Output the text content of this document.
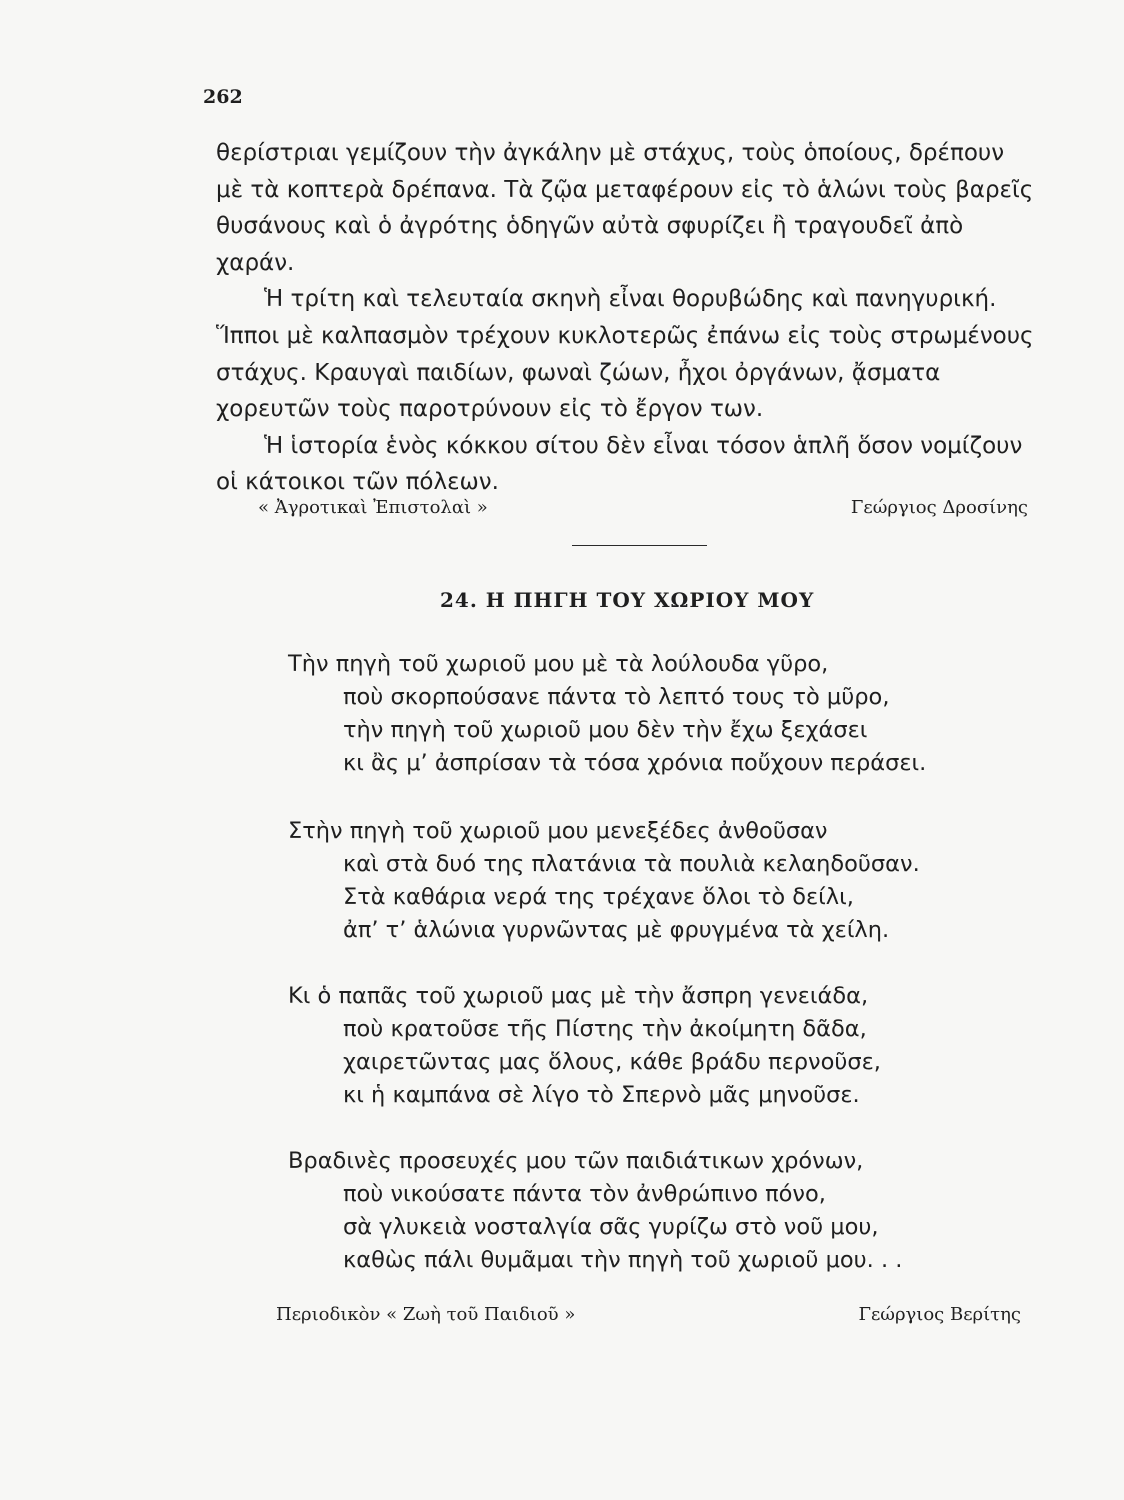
262

θερίστριαι γεμίζουν τὴν ἀγκάλην μὲ στάχυς, τοὺς ὁποίους, δρέπουν μὲ τὰ κοπτερὰ δρέπανα. Τὰ ζῷα μεταφέρουν εἰς τὸ ἁλώνι τοὺς βαρεῖς θυσάνους καὶ ὁ ἀγρότης ὁδηγῶν αὐτὰ σφυρίζει ἢ τραγουδεῖ ἀπὸ χαράν.

Ἡ τρίτη καὶ τελευταία σκηνὴ εἶναι θορυβώδης καὶ πανηγυρική. Ἵπποι μὲ καλπασμὸν τρέχουν κυκλοτερῶς ἐπάνω εἰς τοὺς στρωμένους στάχυς. Κραυγαὶ παιδίων, φωναὶ ζώων, ἦχοι ὀργάνων, ᾄσματα χορευτῶν τοὺς παροτρύνουν εἰς τὸ ἔργον των.

Ἡ ἱστορία ἑνὸς κόκκου σίτου δὲν εἶναι τόσον ἁπλῆ ὅσον νομίζουν οἱ κάτοικοι τῶν πόλεων.

« Ἀγροτικαὶ Ἐπιστολαὶ »	Γεώργιος Δροσίνης
24. Η ΠΗΓΗ ΤΟΥ ΧΩΡΙΟΥ ΜΟΥ
Τὴν πηγὴ τοῦ χωριοῦ μου μὲ τὰ λούλουδα γῦρο,
ποὺ σκορπούσανε πάντα τὸ λεπτό τους τὸ μῦρο,
τὴν πηγὴ τοῦ χωριοῦ μου δὲν τὴν ἔχω ξεχάσει
κι ἂς μ’ ἀσπρίσαν τὰ τόσα χρόνια ποὔχουν περάσει.
Στὴν πηγὴ τοῦ χωριοῦ μου μενεξέδες ἀνθοῦσαν
καὶ στὰ δυό της πλατάνια τὰ πουλιὰ κελαηδοῦσαν.
Στὰ καθάρια νερά της τρέχανε ὅλοι τὸ δείλι,
ἀπ’ τ’ ἁλώνια γυρνῶντας μὲ φρυγμένα τὰ χείλη.
Κι ὁ παπᾶς τοῦ χωριοῦ μας μὲ τὴν ἄσπρη γενειάδα,
ποὺ κρατοῦσε τῆς Πίστης τὴν ἀκοίμητη δᾶδα,
χαιρετῶντας μας ὅλους, κάθε βράδυ περνοῦσε,
κι ἡ καμπάνα σὲ λίγο τὸ Σπερνὸ μᾶς μηνοῦσε.
Βραδινὲς προσευχές μου τῶν παιδιάτικων χρόνων,
ποὺ νικούσατε πάντα τὸν ἀνθρώπινο πόνο,
σὰ γλυκειὰ νοσταλγία σᾶς γυρίζω στὸ νοῦ μου,
καθὼς πάλι θυμᾶμαι τὴν πηγὴ τοῦ χωριοῦ μου. . .
Περιοδικὸν « Ζωὴ τοῦ Παιδιοῦ »	Γεώργιος Βερίτης
